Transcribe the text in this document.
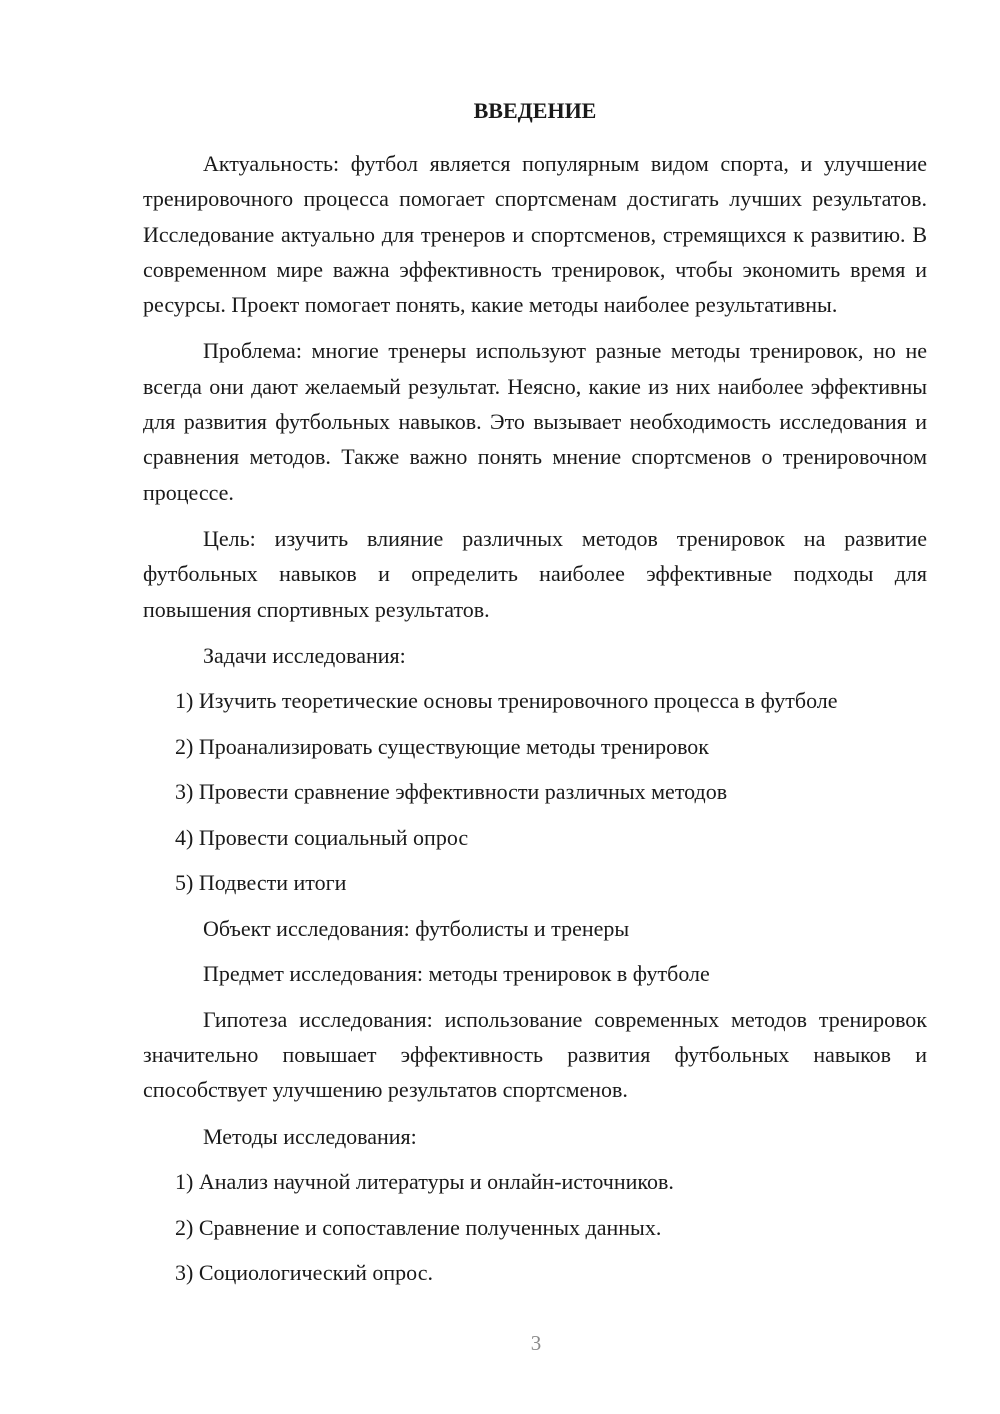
ВВЕДЕНИЕ

Актуальность: футбол является популярным видом спорта, и улучшение тренировочного процесса помогает спортсменам достигать лучших результатов. Исследование актуально для тренеров и спортсменов, стремящихся к развитию. В современном мире важна эффективность тренировок, чтобы экономить время и ресурсы. Проект помогает понять, какие методы наиболее результативны.

Проблема: многие тренеры используют разные методы тренировок, но не всегда они дают желаемый результат. Неясно, какие из них наиболее эффективны для развития футбольных навыков. Это вызывает необходимость исследования и сравнения методов. Также важно понять мнение спортсменов о тренировочном процессе.

Цель: изучить влияние различных методов тренировок на развитие футбольных навыков и определить наиболее эффективные подходы для повышения спортивных результатов.

Задачи исследования:
1) Изучить теоретические основы тренировочного процесса в футболе
2) Проанализировать существующие методы тренировок
3) Провести сравнение эффективности различных методов
4) Провести социальный опрос
5) Подвести итоги
Объект исследования: футболисты и тренеры
Предмет исследования: методы тренировок в футболе

Гипотеза исследования: использование современных методов тренировок значительно повышает эффективность развития футбольных навыков и способствует улучшению результатов спортсменов.

Методы исследования:
1) Анализ научной литературы и онлайн-источников.
2) Сравнение и сопоставление полученных данных.
3) Социологический опрос.
3
